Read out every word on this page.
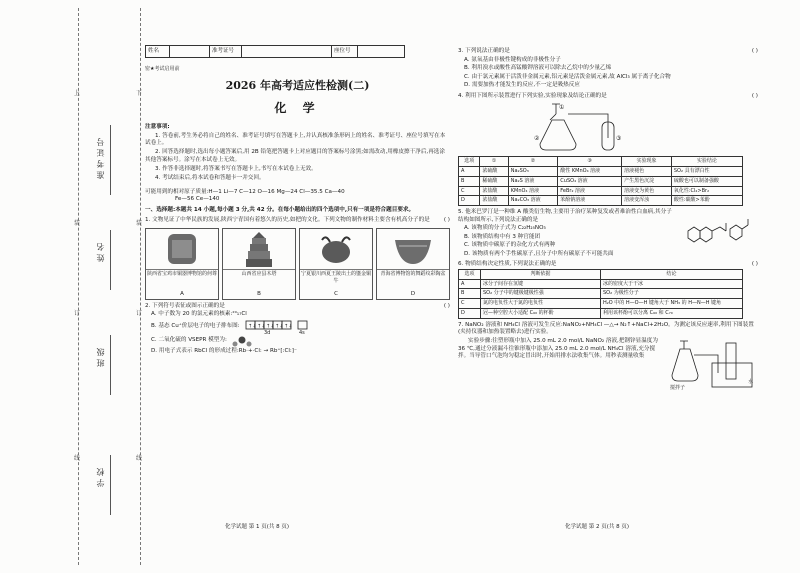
上
装
订
线
下
装
订
线
准考证号
姓名
班级
学校
姓名		准考证号		座位号	
密★考试启用前
2026 年高考适应性检测(二)
化 学
注意事项:
1. 答卷前,考生务必将自己的姓名、准考证号填写在答题卡上,并认真核准条形码上的姓名、准考证号、座位号填写在本试卷上。
2. 回答选择题时,选出每小题答案后,用 2B 铅笔把答题卡上对应题目的答案标号涂黑;如需改动,用橡皮擦干净后,再选涂其他答案标号。涂写在本试卷上无效。
3. 作答非选择题时,将答案书写在答题卡上,书写在本试卷上无效。
4. 考试结束后,将本试卷和答题卡一并交回。
可能用到的相对原子质量:H—1 Li—7 C—12 O—16 Mg—24 Cl—35.5 Ca—40
Fe—56 Ce—140
一、选择题:本题共 14 小题,每小题 3 分,共 42 分。在每小题给出的四个选项中,只有一项是符合题目要求。
1. 文物见证了中华民族的发展,陕西宁青国有着悠久的历史,如把的文化。下列文物的制作材料主要含有机高分子的是	( )
陕西省宝鸡市铜器博物馆的何尊
A
山西省应县木塔
B
宁夏银川西夏王陵出土的鎏金铜牛
C
青海省博物馆的舞蹈纹彩陶盆
D
2. 下列符号表征或图示正确的是	( )
A. 中子数为 20 的氯元素的核素:²⁰₁₇Cl
B. 基态 Cu⁺价层电子的电子排布图: ↑↓ ↑↓ ↑↓ ↑↓ ↑↓
3d	4s
C. 二氧化硫的 VSEPR 模型为:
D. 用电子式表示 RbCl 的形成过程:Rb·+·Cl: → Rb⁺[:Cl:]⁻
化学试题 第 1 页(共 8 页)
3. 下列说法正确的是	( )
A. 氨氧基由非极性键构成的非极性分子
B. 利用溴水或酸性高锰酸钾溶液可以除去乙烷中的少量乙烯
C. 由于氯元素属于活泼非金属元素,铝元素是活泼金属元素,故 AlCl₃ 属于离子化合物
D. 需要加热才能发生的反应,不一定是吸热反应
4. 利用下图所示装置进行下列实验,实验现象及结论正确的是	( )
①
②	③
选项	①	②	③	实验现象	实验结论
A	浓硫酸	Na₂SO₃	酸性 KMnO₄ 溶液	溶液褪色	SO₂ 具有漂白性
B	稀硫酸	Na₂S 溶液	CuSO₄ 溶液	产生黑色沉淀	硫酸也可以制备强酸
C	浓盐酸	KMnO₄ 溶液	FeBr₂ 溶液	溶液变为黄色	氧化性:Cl₂>Br₂
D	浓盐酸	Na₂CO₃ 溶液	苯酚钠溶液	溶液变浑浊	酸性:碳酸>苯酚
5. 他米巴罗汀是一种维 A 酸类衍生物,主要用于治疗某种复发或者难治性白血病,其分子结构如图所示,下列说法正确的是
A. 该物质的分子式为 C₂₂H₂₅NO₃
B. 该物质结构中有 3 种官能团
C. 该物质中碳原子的杂化方式有两种
D. 该物质有两个手性碳原子,且分子中所有碳原子不可能共面
6. 物质结构决定性质,下列说法正确的是	( )
选项	判断依据	结论
A	冰分子间存在氢键	冰的密度大于干冰
B	SO₂ 分子中的键极键极性强	SO₂ 为极性分子
C	氮的电负性大于氮的电负性	H₂O 中的 H—O—H 键角大于 NH₃ 的 H—N—H 键角
D	冠—种空腔大小适配 C₆₀ 的杯酚	利用该杯酚可以分离 C₆₀ 和 C₇₀
7. NaNO₂ 溶液和 NH₄Cl 溶液可发生反应:NaNO₂+NH₄Cl —△→ N₂↑+NaCl+2H₂O。为测定该反应速率,利用下图装置(夹持仪器和加热装置略去)进行实验。
实验步骤:往塑形瓶中加入 25.0 mL 2.0 mol/L NaNO₂ 溶液,把钢锌显温度为 36 ℃,通过分液漏斗往锥形瓶中添加入 25.0 mL 2.0 mol/L NH₄Cl 溶液,充分搅拌。当导管口气泡均匀稳定冒出时,开始用排水法收集气体。用秒表测量收集
搅拌子
水
化学试题 第 2 页(共 8 页)
